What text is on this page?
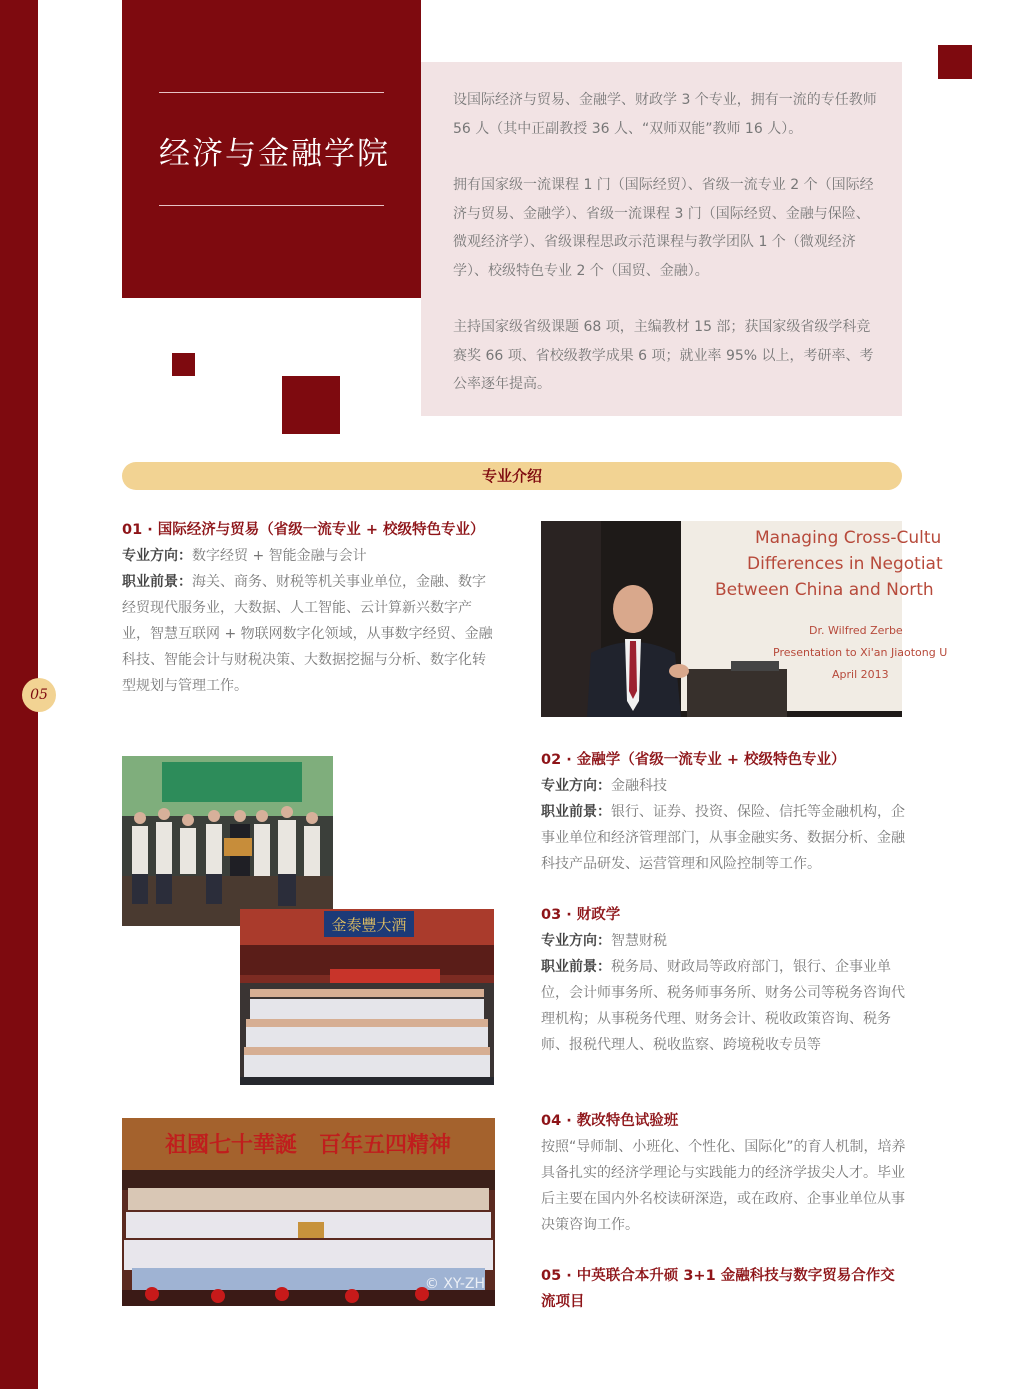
05
经济与金融学院

设国际经济与贸易、金融学、财政学 3 个专业，拥有一流的专任教师 56 人（其中正副教授 36 人、“双师双能”教师 16 人）。

拥有国家级一流课程 1 门（国际经贸）、省级一流专业 2 个（国际经济与贸易、金融学）、省级一流课程 3 门（国际经贸、金融与保险、微观经济学）、省级课程思政示范课程与教学团队 1 个（微观经济学）、校级特色专业 2 个（国贸、金融）。

主持国家级省级课题 68 项，主编教材 15 部；获国家级省级学科竞赛奖 66 项、省校级教学成果 6 项；就业率 95% 以上，考研率、考公率逐年提高。

专业介绍
01 · 国际经济与贸易（省级一流专业 + 校级特色专业）
专业方向：数字经贸 + 智能金融与会计
职业前景：海关、商务、财税等机关事业单位，金融、数字经贸现代服务业，大数据、人工智能、云计算新兴数字产业，智慧互联网 + 物联网数字化领域，从事数字经贸、金融科技、智能会计与财税决策、大数据挖掘与分析、数字化转型规划与管理工作。
Managing Cross-Cultu
Differences in Negotiat
Between China and North
Dr. Wilfred Zerbe
Presentation to Xi'an Jiaotong U
April 2013
金泰豐大酒
祖國七十華誕　百年五四精神
© XY-ZH
02 · 金融学（省级一流专业 + 校级特色专业）
专业方向：金融科技
职业前景：银行、证券、投资、保险、信托等金融机构，企事业单位和经济管理部门，从事金融实务、数据分析、金融科技产品研发、运营管理和风险控制等工作。
03 · 财政学
专业方向：智慧财税
职业前景：税务局、财政局等政府部门，银行、企事业单位，会计师事务所、税务师事务所、财务公司等税务咨询代理机构；从事税务代理、财务会计、税收政策咨询、税务师、报税代理人、税收监察、跨境税收专员等
04 · 教改特色试验班
按照“导师制、小班化、个性化、国际化”的育人机制，培养具备扎实的经济学理论与实践能力的经济学拔尖人才。毕业后主要在国内外名校读研深造，或在政府、企事业单位从事决策咨询工作。
05 · 中英联合本升硕 3+1 金融科技与数字贸易合作交流项目
